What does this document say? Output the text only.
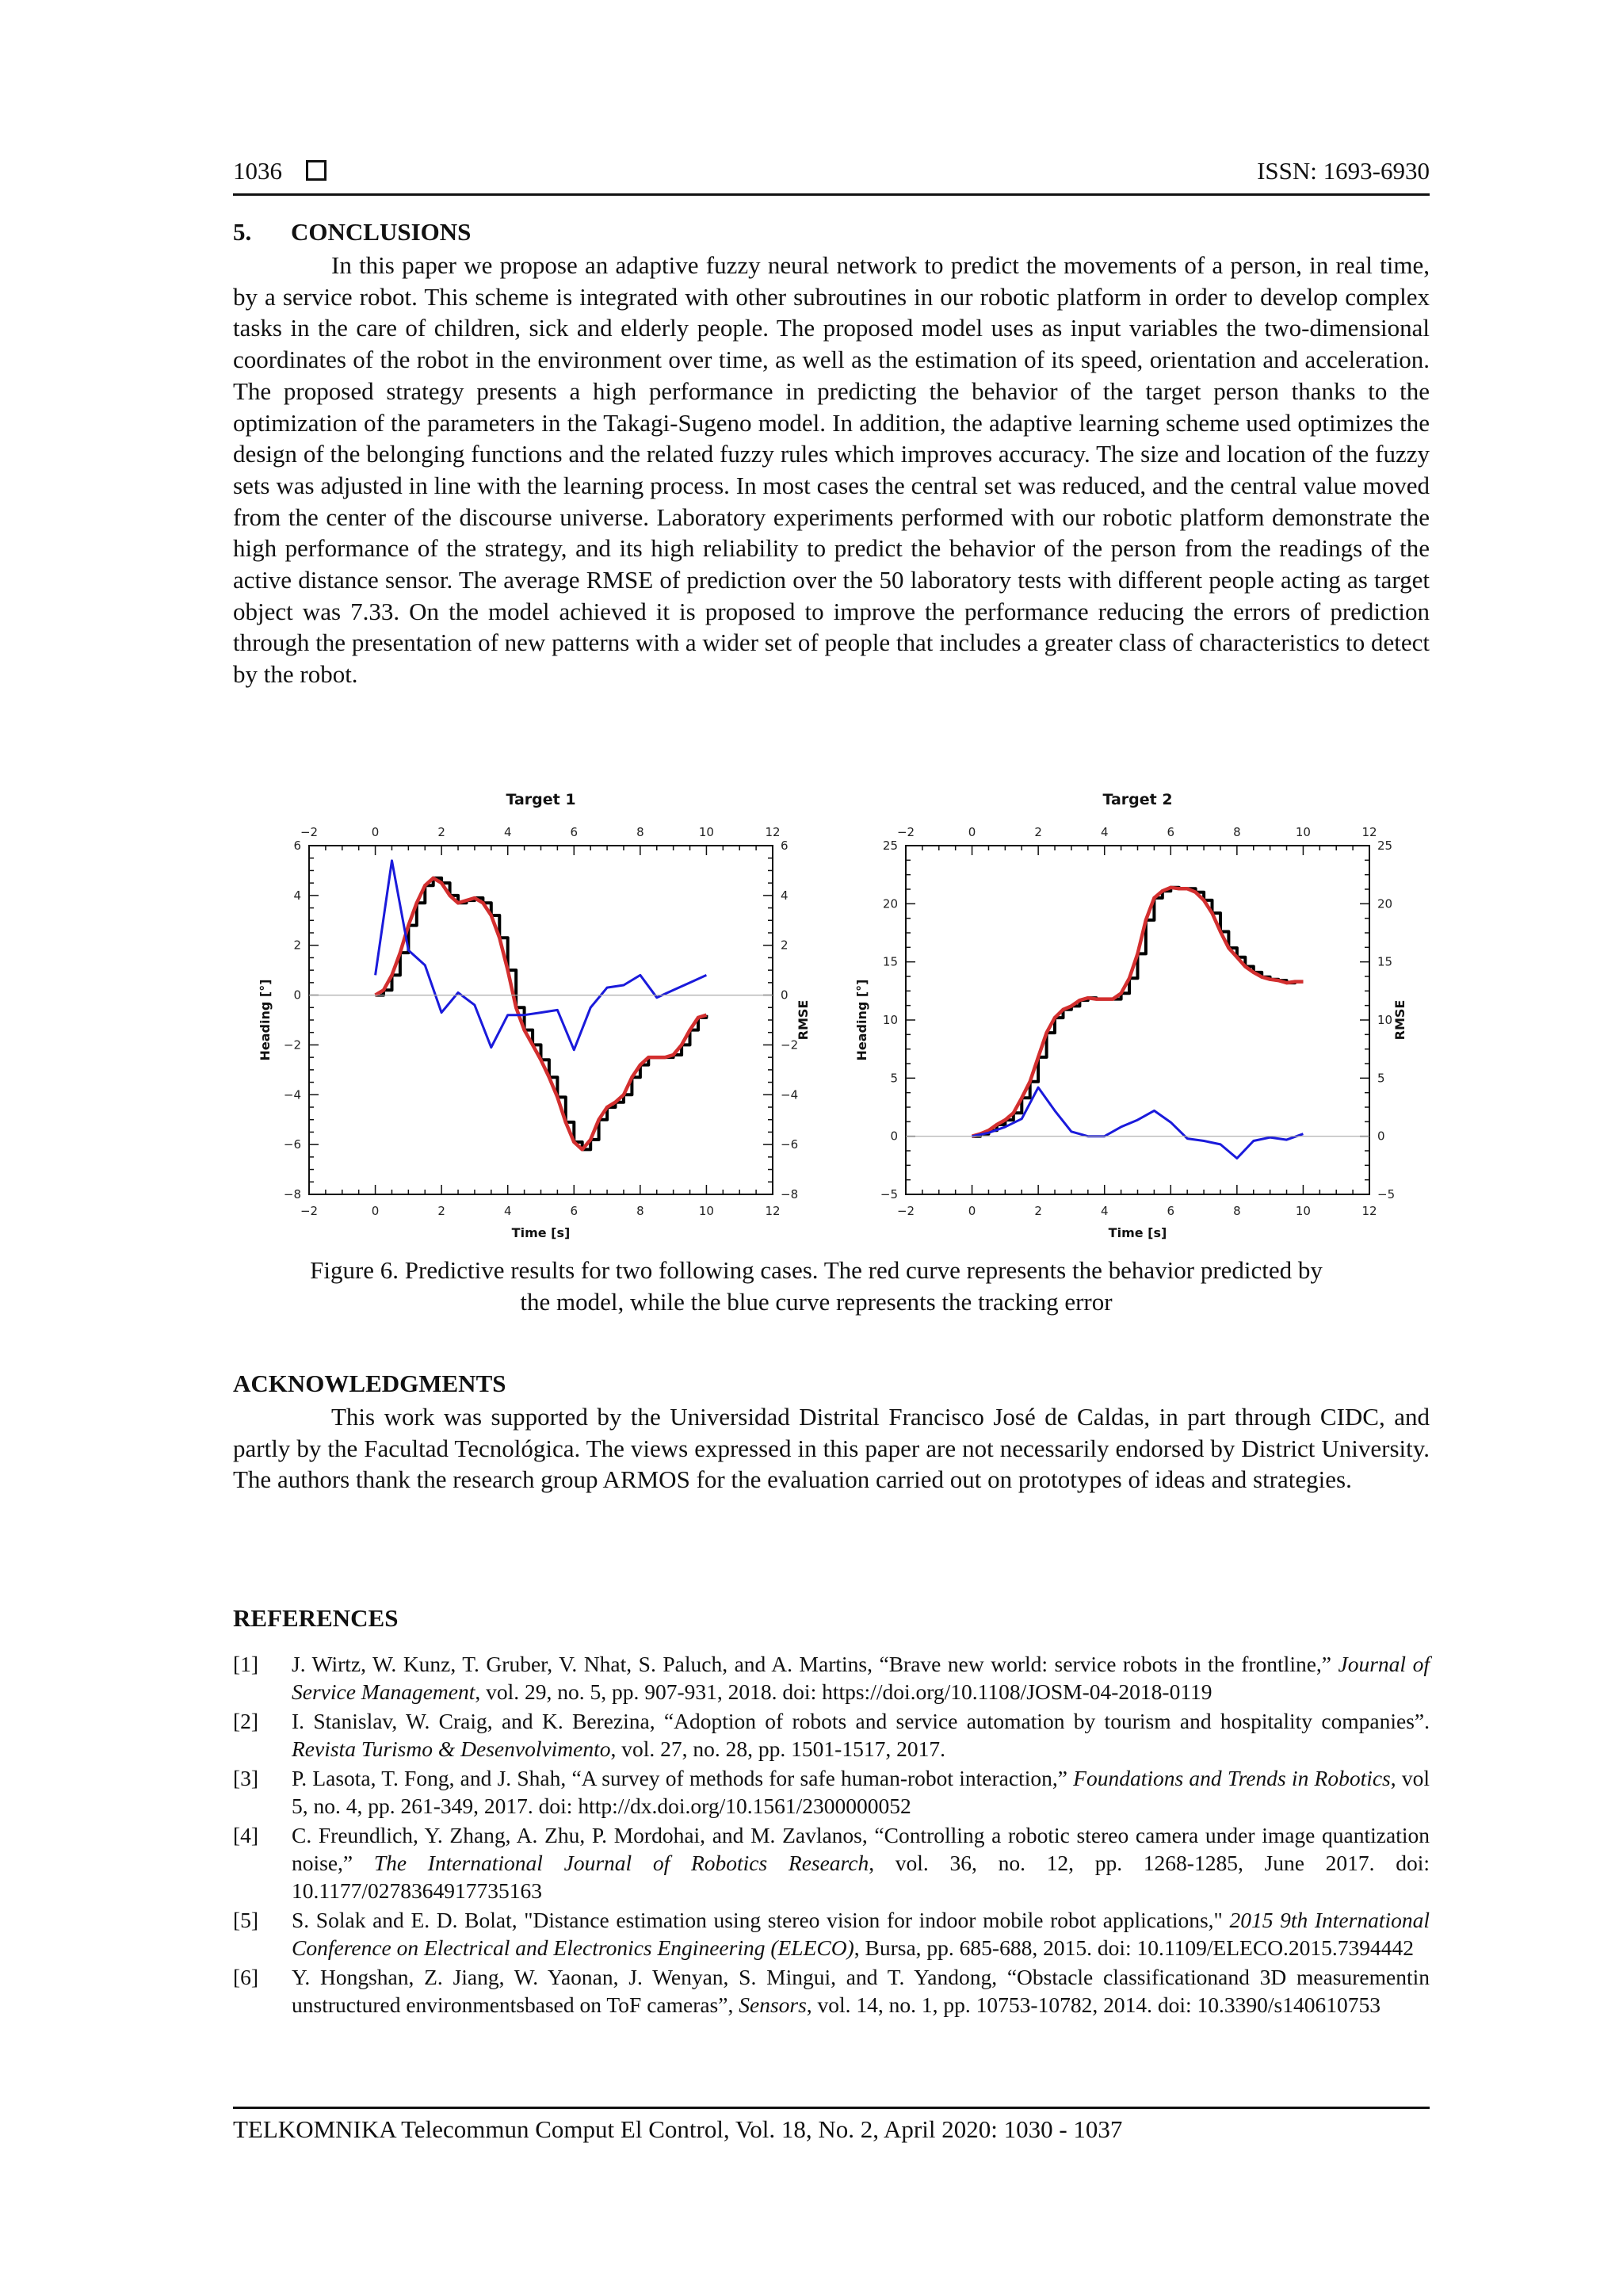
1036	ISSN: 1693-6930
5. CONCLUSIONS

In this paper we propose an adaptive fuzzy neural network to predict the movements of a person, in real time, by a service robot. This scheme is integrated with other subroutines in our robotic platform in order to develop complex tasks in the care of children, sick and elderly people. The proposed model uses as input variables the two-dimensional coordinates of the robot in the environment over time, as well as the estimation of its speed, orientation and acceleration. The proposed strategy presents a high performance in predicting the behavior of the target person thanks to the optimization of the parameters in the Takagi-Sugeno model. In addition, the adaptive learning scheme used optimizes the design of the belonging functions and the related fuzzy rules which improves accuracy. The size and location of the fuzzy sets was adjusted in line with the learning process. In most cases the central set was reduced, and the central value moved from the center of the discourse universe. Laboratory experiments performed with our robotic platform demonstrate the high performance of the strategy, and its high reliability to predict the behavior of the person from the readings of the active distance sensor. The average RMSE of prediction over the 50 laboratory tests with different people acting as target object was 7.33. On the model achieved it is proposed to improve the performance reducing the errors of prediction through the presentation of new patterns with a wider set of people that includes a greater class of characteristics to detect by the robot.

−2
−2
0
0
2
2
4
4
6
6
8
8
10
10
12
12
−8	−8
−6	−6
−4	−4
−2	−2
0	0
2	2
4	4
6	6
Target 1
Time [s]
Heading [°]	RMSE
−2
−2
0
0
2
2
4
4
6
6
8
8
10
10
12
12
−5	−5
0	0
5	5
10	10
15	15
20	20
25	25
Target 2
Time [s]
Heading [°]	RMSE
Figure 6. Predictive results for two following cases. The red curve represents the behavior predicted by
the model, while the blue curve represents the tracking error
ACKNOWLEDGMENTS

This work was supported by the Universidad Distrital Francisco José de Caldas, in part through CIDC, and partly by the Facultad Tecnológica. The views expressed in this paper are not necessarily endorsed by District University. The authors thank the research group ARMOS for the evaluation carried out on prototypes of ideas and strategies.

REFERENCES
[1]	J. Wirtz, W. Kunz, T. Gruber, V. Nhat, S. Paluch, and A. Martins, “Brave new world: service robots in the frontline,” Journal of Service Management, vol. 29, no. 5, pp. 907-931, 2018. doi: https://doi.org/10.1108/JOSM-04-2018-0119
[2]	I. Stanislav, W. Craig, and K. Berezina, “Adoption of robots and service automation by tourism and hospitality companies”. Revista Turismo & Desenvolvimento, vol. 27, no. 28, pp. 1501-1517, 2017.
[3]	P. Lasota, T. Fong, and J. Shah, “A survey of methods for safe human-robot interaction,” Foundations and Trends in Robotics, vol 5, no. 4, pp. 261-349, 2017. doi: http://dx.doi.org/10.1561/2300000052
[4]	C. Freundlich, Y. Zhang, A. Zhu, P. Mordohai, and M. Zavlanos, “Controlling a robotic stereo camera under image quantization noise,” The International Journal of Robotics Research, vol. 36, no. 12, pp. 1268-1285, June 2017. doi: 10.1177/0278364917735163
[5]	S. Solak and E. D. Bolat, "Distance estimation using stereo vision for indoor mobile robot applications," 2015 9th International Conference on Electrical and Electronics Engineering (ELECO), Bursa, pp. 685-688, 2015. doi: 10.1109/ELECO.2015.7394442
[6]	Y. Hongshan, Z. Jiang, W. Yaonan, J. Wenyan, S. Mingui, and T. Yandong, “Obstacle classificationand 3D measurementin unstructured environmentsbased on ToF cameras”, Sensors, vol. 14, no. 1, pp. 10753-10782, 2014. doi: 10.3390/s140610753
TELKOMNIKA Telecommun Comput El Control, Vol. 18, No. 2, April 2020: 1030 - 1037
